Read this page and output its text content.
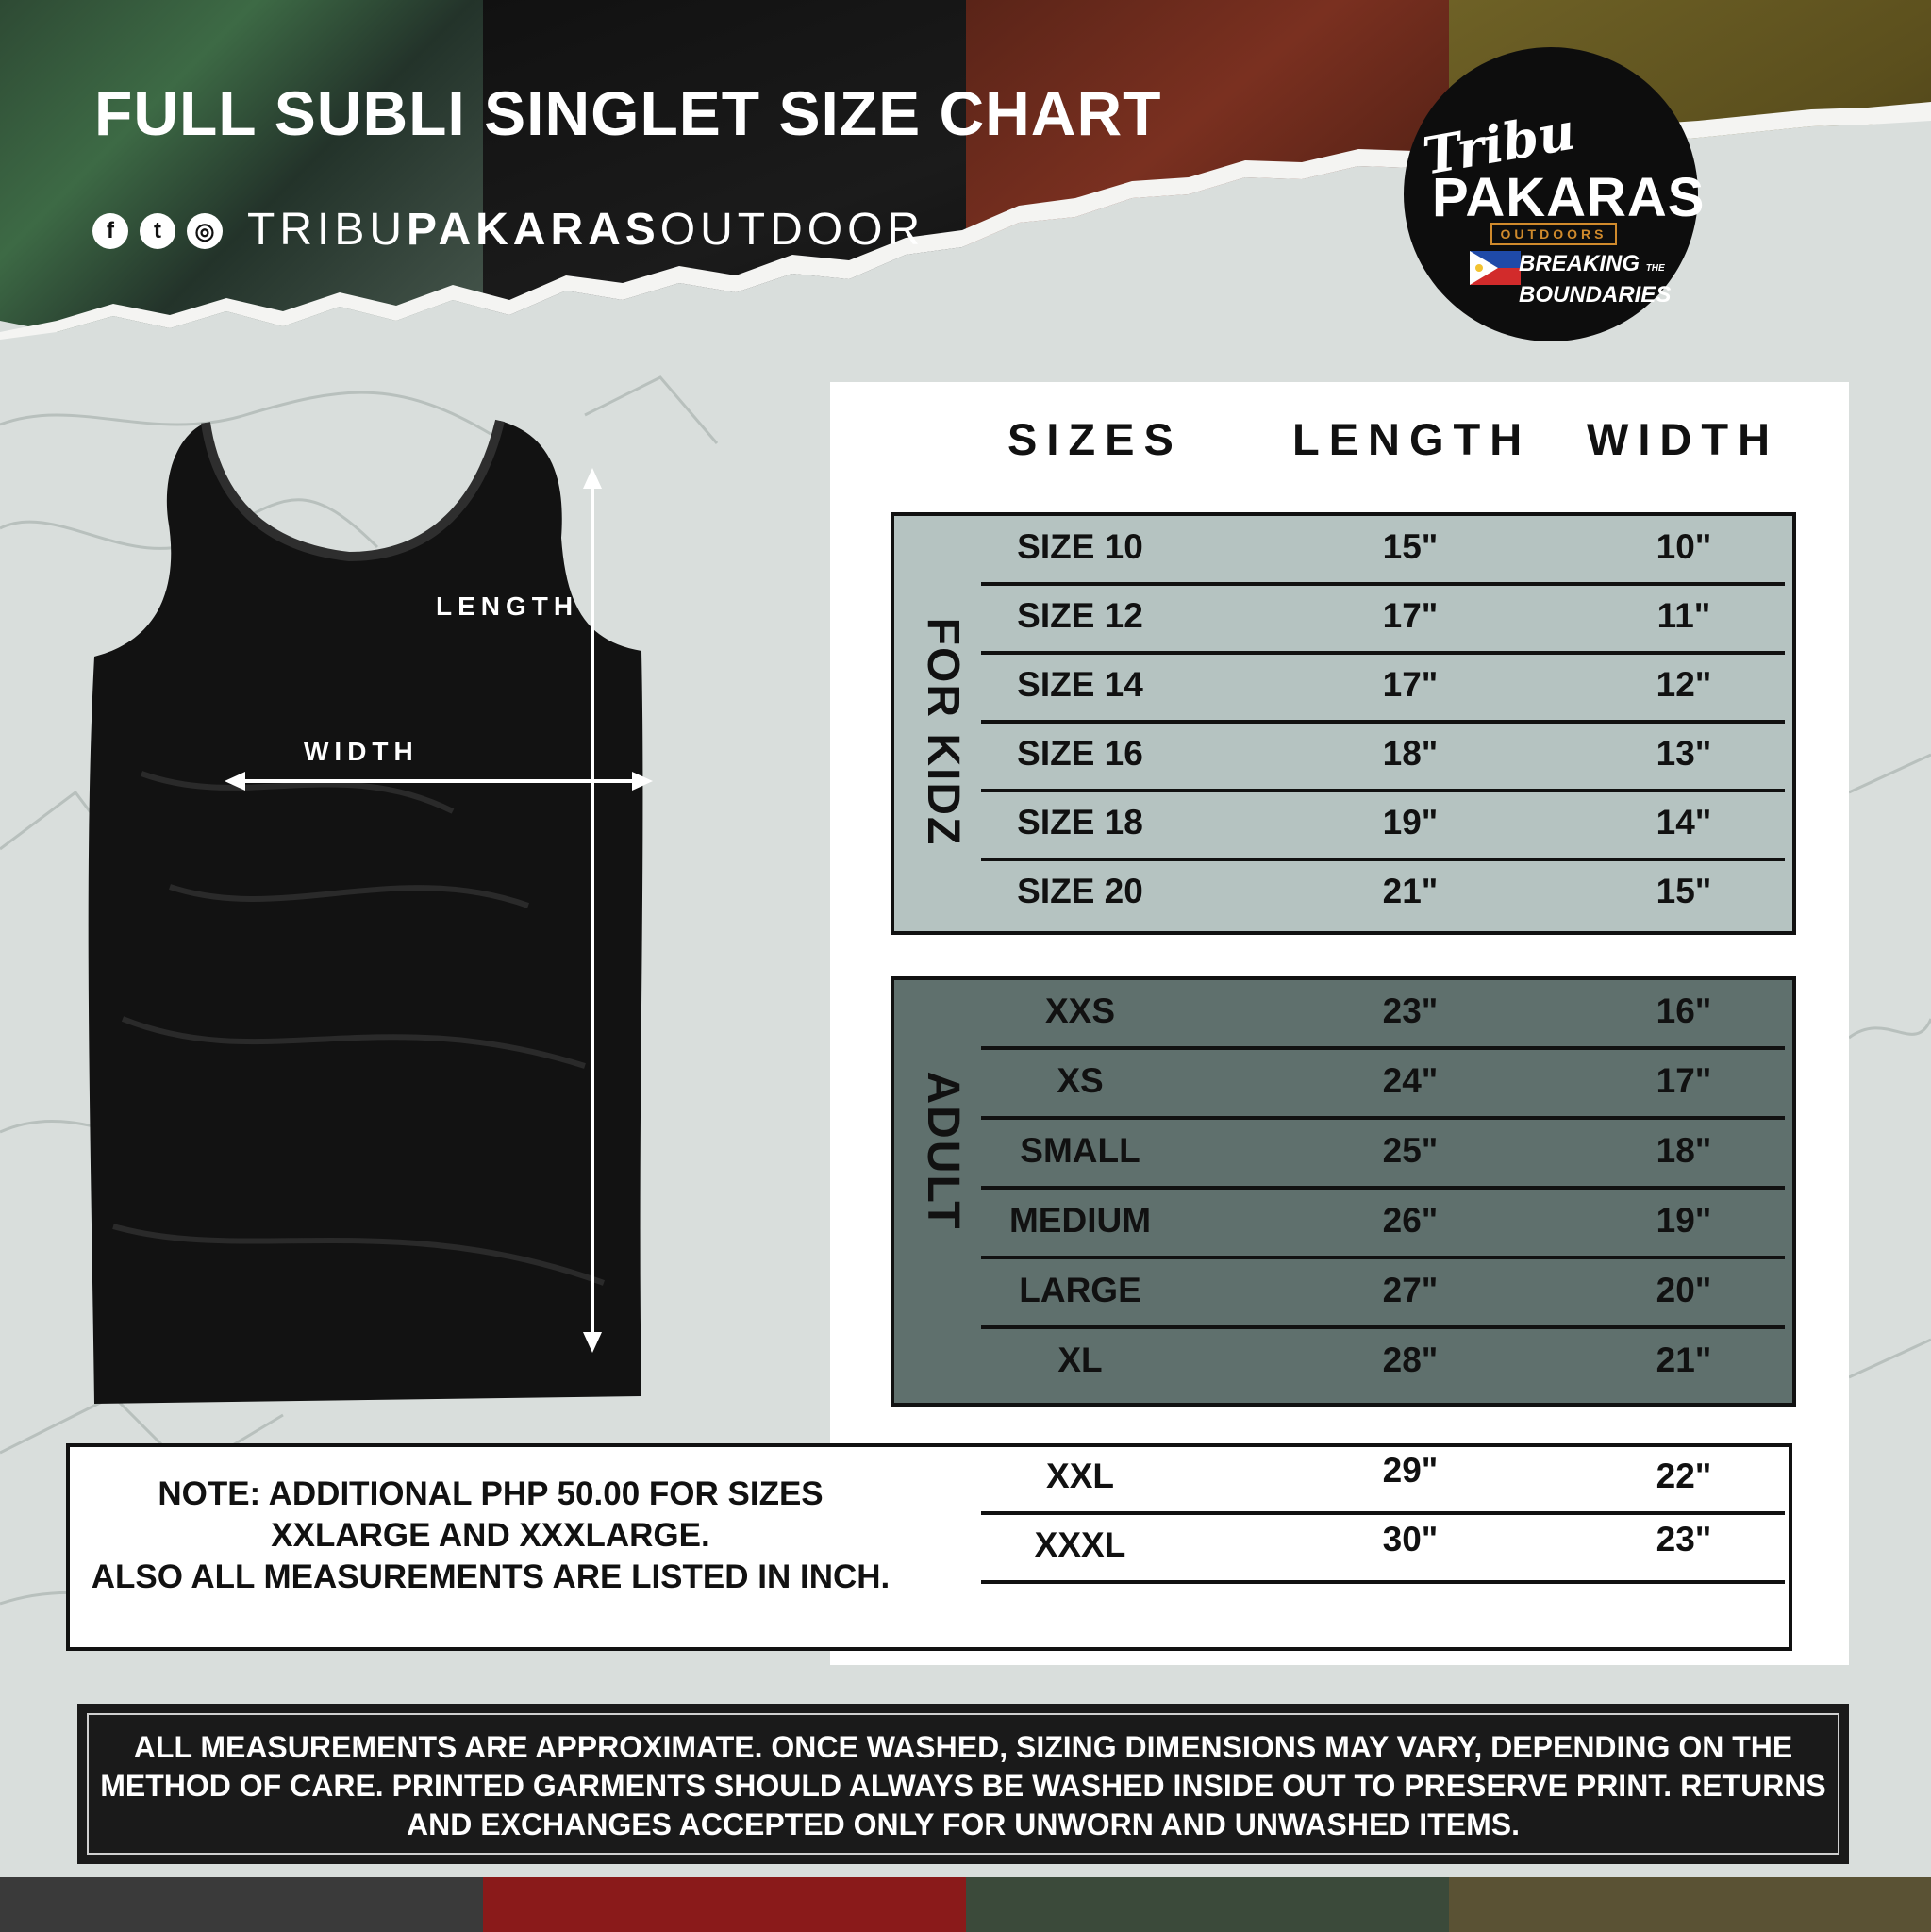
FULL SUBLI SINGLET SIZE CHART
f	t	◎ TRIBUPAKARASOUTDOOR
Tribu
PAKARAS
OUTDOORS
BREAKING THE
BOUNDARIES
LENGTH
WIDTH
SIZES LENGTH WIDTH
FOR KIDZ
SIZE 10	15"	10"
SIZE 12	17"	11"
SIZE 14	17"	12"
SIZE 16	18"	13"
SIZE 18	19"	14"
SIZE 20	21"	15"
ADULT
XXS	23"	16"
XS	24"	17"
SMALL	25"	18"
MEDIUM	26"	19"
LARGE	27"	20"
XL	28"	21"
XXL	29"	22"
XXXL	30"	23"
NOTE: ADDITIONAL PHP 50.00 FOR SIZES
XXLARGE AND XXXLARGE.
ALSO ALL MEASUREMENTS ARE LISTED IN INCH.
ALL MEASUREMENTS ARE APPROXIMATE. ONCE WASHED, SIZING DIMENSIONS MAY VARY, DEPENDING ON THE METHOD OF CARE. PRINTED GARMENTS SHOULD ALWAYS BE WASHED INSIDE OUT TO PRESERVE PRINT. RETURNS AND EXCHANGES ACCEPTED ONLY FOR UNWORN AND UNWASHED ITEMS.
